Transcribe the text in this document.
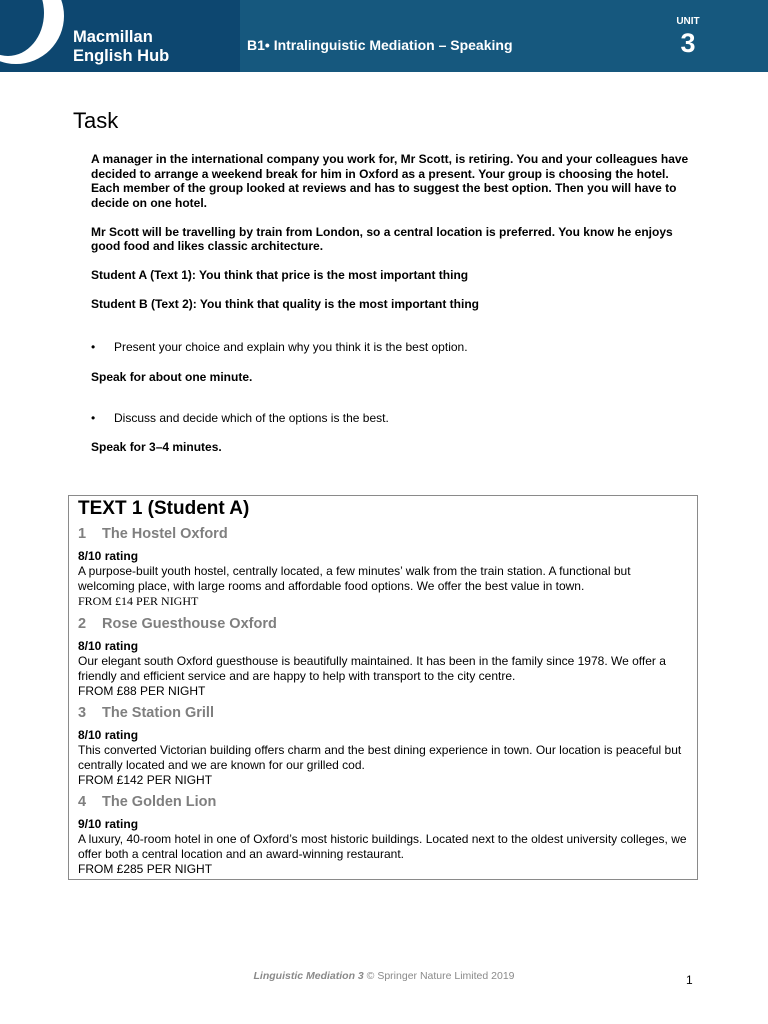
Macmillan
English Hub
B1• Intralinguistic Mediation – Speaking
UNIT
3
Task

A manager in the international company you work for, Mr Scott, is retiring. You and your colleagues have decided to arrange a weekend break for him in Oxford as a present. Your group is choosing the hotel. Each member of the group looked at reviews and has to suggest the best option. Then you will have to decide on one hotel.

Mr Scott will be travelling by train from London, so a central location is preferred. You know he enjoys good food and likes classic architecture.

Student A (Text 1): You think that price is the most important thing

Student B (Text 2): You think that quality is the most important thing

• Present your choice and explain why you think it is the best option.
Speak for about one minute.
• Discuss and decide which of the options is the best.
Speak for 3–4 minutes.
TEXT 1 (Student A)
1 The Hostel Oxford
8/10 rating
A purpose-built youth hostel, centrally located, a few minutes’ walk from the train station. A functional but welcoming place, with large rooms and affordable food options. We offer the best value in town.
FROM £14 PER NIGHT
2 Rose Guesthouse Oxford
8/10 rating
Our elegant south Oxford guesthouse is beautifully maintained. It has been in the family since 1978. We offer a friendly and efficient service and are happy to help with transport to the city centre.
FROM £88 PER NIGHT
3 The Station Grill
8/10 rating
This converted Victorian building offers charm and the best dining experience in town. Our location is peaceful but centrally located and we are known for our grilled cod.
FROM £142 PER NIGHT
4 The Golden Lion
9/10 rating
A luxury, 40-room hotel in one of Oxford’s most historic buildings. Located next to the oldest university colleges, we offer both a central location and an award-winning restaurant.
FROM £285 PER NIGHT
Linguistic Mediation 3 © Springer Nature Limited 2019	1
